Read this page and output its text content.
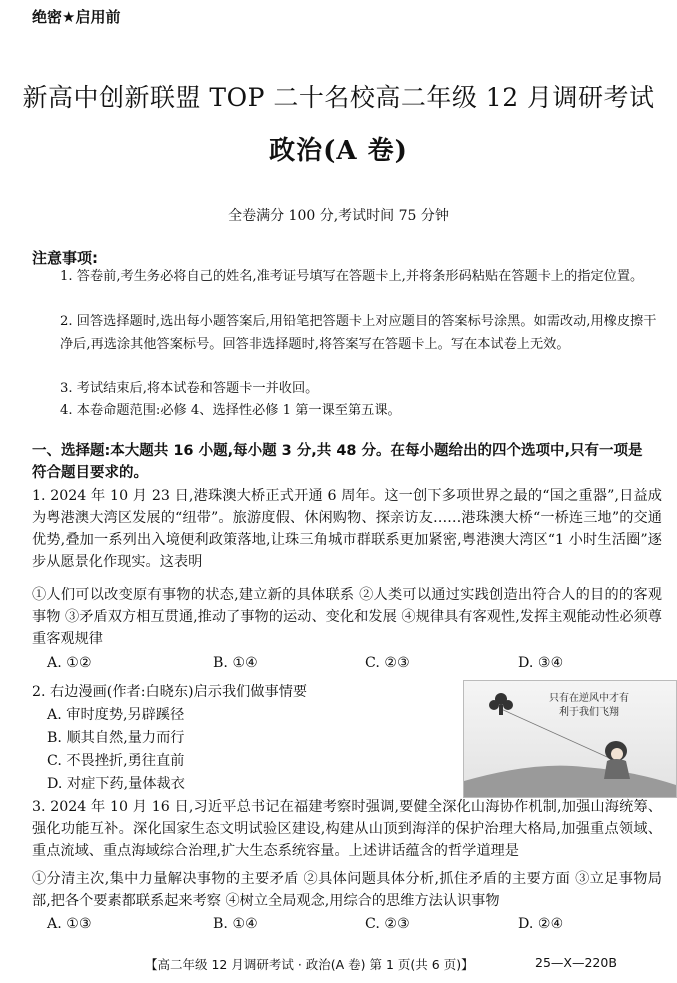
绝密★启用前
新高中创新联盟 TOP 二十名校高二年级 12 月调研考试
政治(A 卷)
全卷满分 100 分,考试时间 75 分钟
注意事项:
1. 答卷前,考生务必将自己的姓名,准考证号填写在答题卡上,并将条形码粘贴在答题卡上的指定位置。
2. 回答选择题时,选出每小题答案后,用铅笔把答题卡上对应题目的答案标号涂黑。如需改动,用橡皮擦干净后,再选涂其他答案标号。回答非选择题时,将答案写在答题卡上。写在本试卷上无效。
3. 考试结束后,将本试卷和答题卡一并收回。
4. 本卷命题范围:必修 4、选择性必修 1 第一课至第五课。
一、选择题:本大题共 16 小题,每小题 3 分,共 48 分。在每小题给出的四个选项中,只有一项是符合题目要求的。
1. 2024 年 10 月 23 日,港珠澳大桥正式开通 6 周年。这一创下多项世界之最的“国之重器”,日益成为粤港澳大湾区发展的“纽带”。旅游度假、休闲购物、探亲访友……港珠澳大桥“一桥连三地”的交通优势,叠加一系列出入境便利政策落地,让珠三角城市群联系更加紧密,粤港澳大湾区“1 小时生活圈”逐步从愿景化作现实。这表明
①人们可以改变原有事物的状态,建立新的具体联系 ②人类可以通过实践创造出符合人的目的的客观事物 ③矛盾双方相互贯通,推动了事物的运动、变化和发展 ④规律具有客观性,发挥主观能动性必须尊重客观规律
A. ①②	B. ①④	C. ②③	D. ③④
2. 右边漫画(作者:白晓东)启示我们做事情要
A. 审时度势,另辟蹊径
B. 顺其自然,量力而行
C. 不畏挫折,勇往直前
D. 对症下药,量体裁衣
只有在逆风中才有
利于我们飞翔
3. 2024 年 10 月 16 日,习近平总书记在福建考察时强调,要健全深化山海协作机制,加强山海统筹、强化功能互补。深化国家生态文明试验区建设,构建从山顶到海洋的保护治理大格局,加强重点领域、重点流域、重点海域综合治理,扩大生态系统容量。上述讲话蕴含的哲学道理是
①分清主次,集中力量解决事物的主要矛盾 ②具体问题具体分析,抓住矛盾的主要方面 ③立足事物局部,把各个要素都联系起来考察 ④树立全局观念,用综合的思维方法认识事物
A. ①③	B. ①④	C. ②③	D. ②④
【高二年级 12 月调研考试 · 政治(A 卷) 第 1 页(共 6 页)】	25—X—220B
